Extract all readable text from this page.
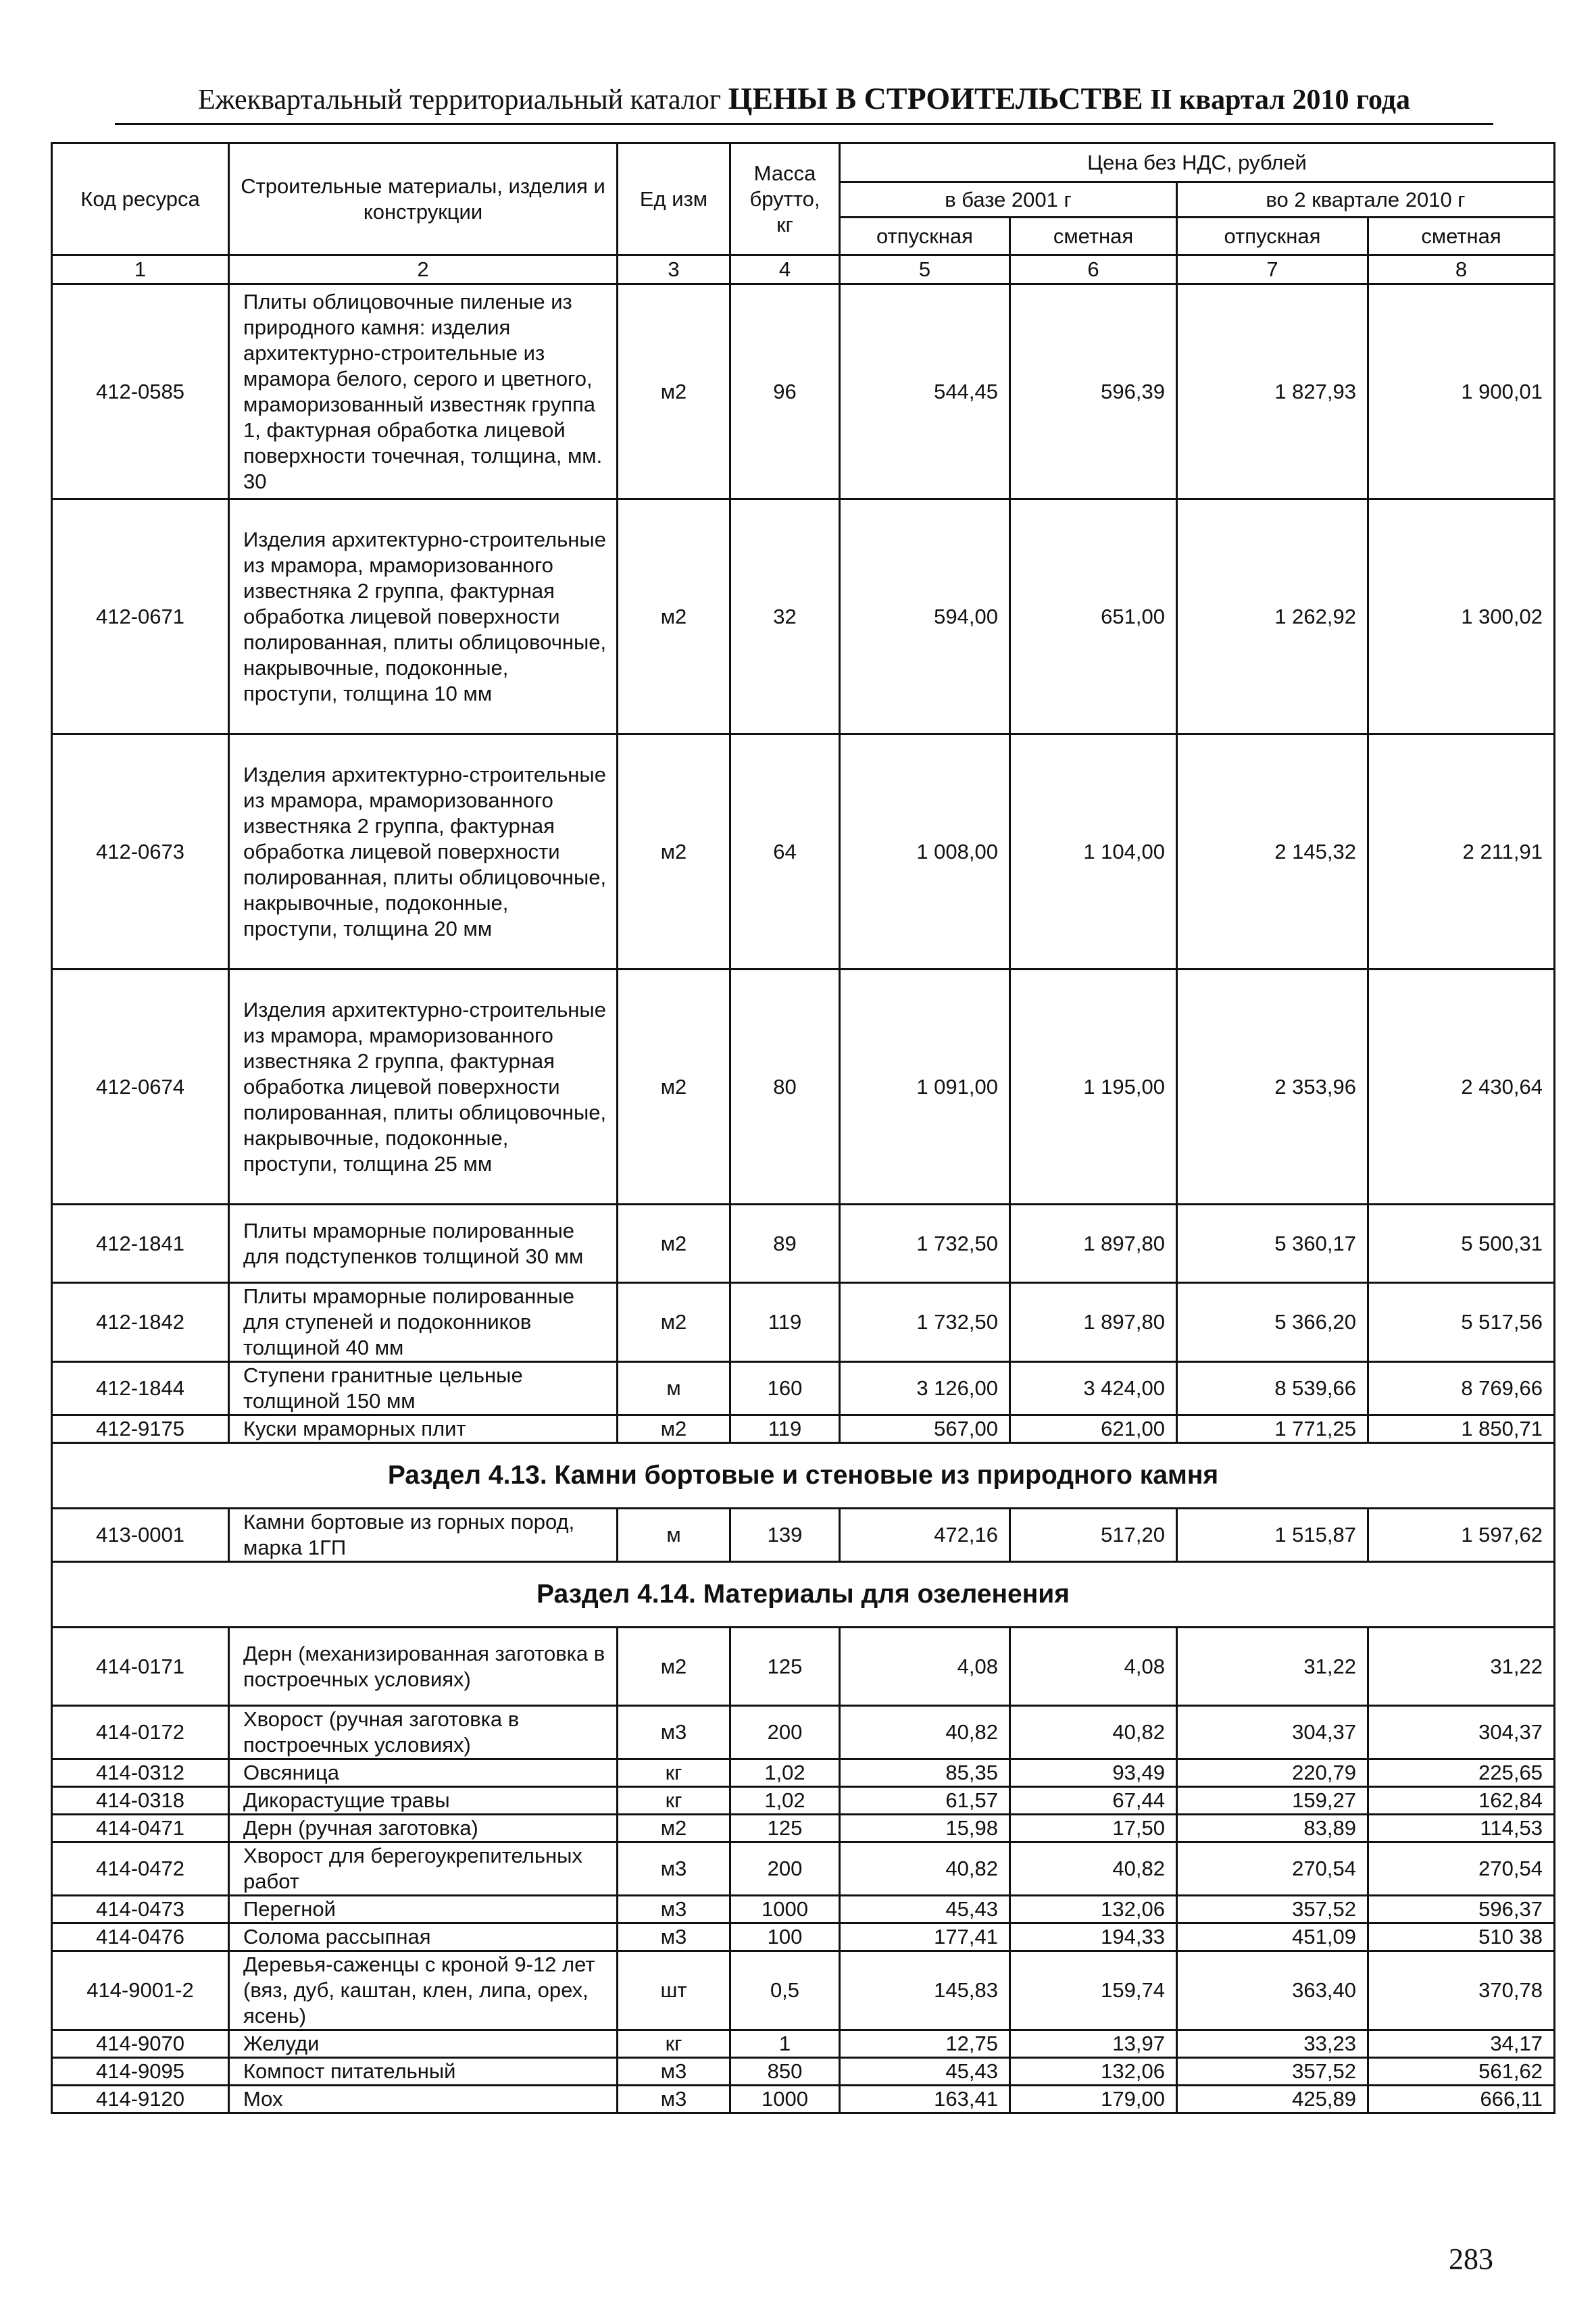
Ежеквартальный территориальный каталог ЦЕНЫ В СТРОИТЕЛЬСТВЕ II квартал 2010 года
Код ресурса	Строительные материалы, изделия и конструкции	Ед изм	Масса брутто, кг	Цена без НДС, рублей			
				в базе 2001 г		во 2 квартале 2010 г	
				отпускная	сметная	отпускная	сметная
1	2	3	4	5	6	7	8
412-0585	Плиты облицовочные пиленые из природного камня: изделия архитектурно-строительные из мрамора белого, серого и цветного, мраморизованный известняк группа 1, фактурная обработка лицевой поверхности точечная, толщина, мм. 30	м2	96	544,45	596,39	1 827,93	1 900,01
412-0671	Изделия архитектурно-строительные из мрамора, мраморизованного известняка 2 группа, фактурная обработка лицевой поверхности полированная, плиты облицовочные, накрывочные, подоконные, проступи, толщина 10 мм	м2	32	594,00	651,00	1 262,92	1 300,02
412-0673	Изделия архитектурно-строительные из мрамора, мраморизованного известняка 2 группа, фактурная обработка лицевой поверхности полированная, плиты облицовочные, накрывочные, подоконные, проступи, толщина 20 мм	м2	64	1 008,00	1 104,00	2 145,32	2 211,91
412-0674	Изделия архитектурно-строительные из мрамора, мраморизованного известняка 2 группа, фактурная обработка лицевой поверхности полированная, плиты облицовочные, накрывочные, подоконные, проступи, толщина 25 мм	м2	80	1 091,00	1 195,00	2 353,96	2 430,64
412-1841	Плиты мраморные полированные для подступенков толщиной 30 мм	м2	89	1 732,50	1 897,80	5 360,17	5 500,31
412-1842	Плиты мраморные полированные для ступеней и подоконников толщиной 40 мм	м2	119	1 732,50	1 897,80	5 366,20	5 517,56
412-1844	Ступени гранитные цельные толщиной 150 мм	м	160	3 126,00	3 424,00	8 539,66	8 769,66
412-9175	Куски мраморных плит	м2	119	567,00	621,00	1 771,25	1 850,71
Раздел 4.13. Камни бортовые и стеновые из природного камня							
413-0001	Камни бортовые из горных пород, марка 1ГП	м	139	472,16	517,20	1 515,87	1 597,62
Раздел 4.14. Материалы для озеленения							
414-0171	Дерн (механизированная заготовка в построечных условиях)	м2	125	4,08	4,08	31,22	31,22
414-0172	Хворост (ручная заготовка в построечных условиях)	м3	200	40,82	40,82	304,37	304,37
414-0312	Овсяница	кг	1,02	85,35	93,49	220,79	225,65
414-0318	Дикорастущие травы	кг	1,02	61,57	67,44	159,27	162,84
414-0471	Дерн (ручная заготовка)	м2	125	15,98	17,50	83,89	114,53
414-0472	Хворост для берегоукрепительных работ	м3	200	40,82	40,82	270,54	270,54
414-0473	Перегной	м3	1000	45,43	132,06	357,52	596,37
414-0476	Солома рассыпная	м3	100	177,41	194,33	451,09	510 38
414-9001-2	Деревья-саженцы с кроной 9-12 лет (вяз, дуб, каштан, клен, липа, орех, ясень)	шт	0,5	145,83	159,74	363,40	370,78
414-9070	Желуди	кг	1	12,75	13,97	33,23	34,17
414-9095	Компост питательный	м3	850	45,43	132,06	357,52	561,62
414-9120	Мох	м3	1000	163,41	179,00	425,89	666,11
283
